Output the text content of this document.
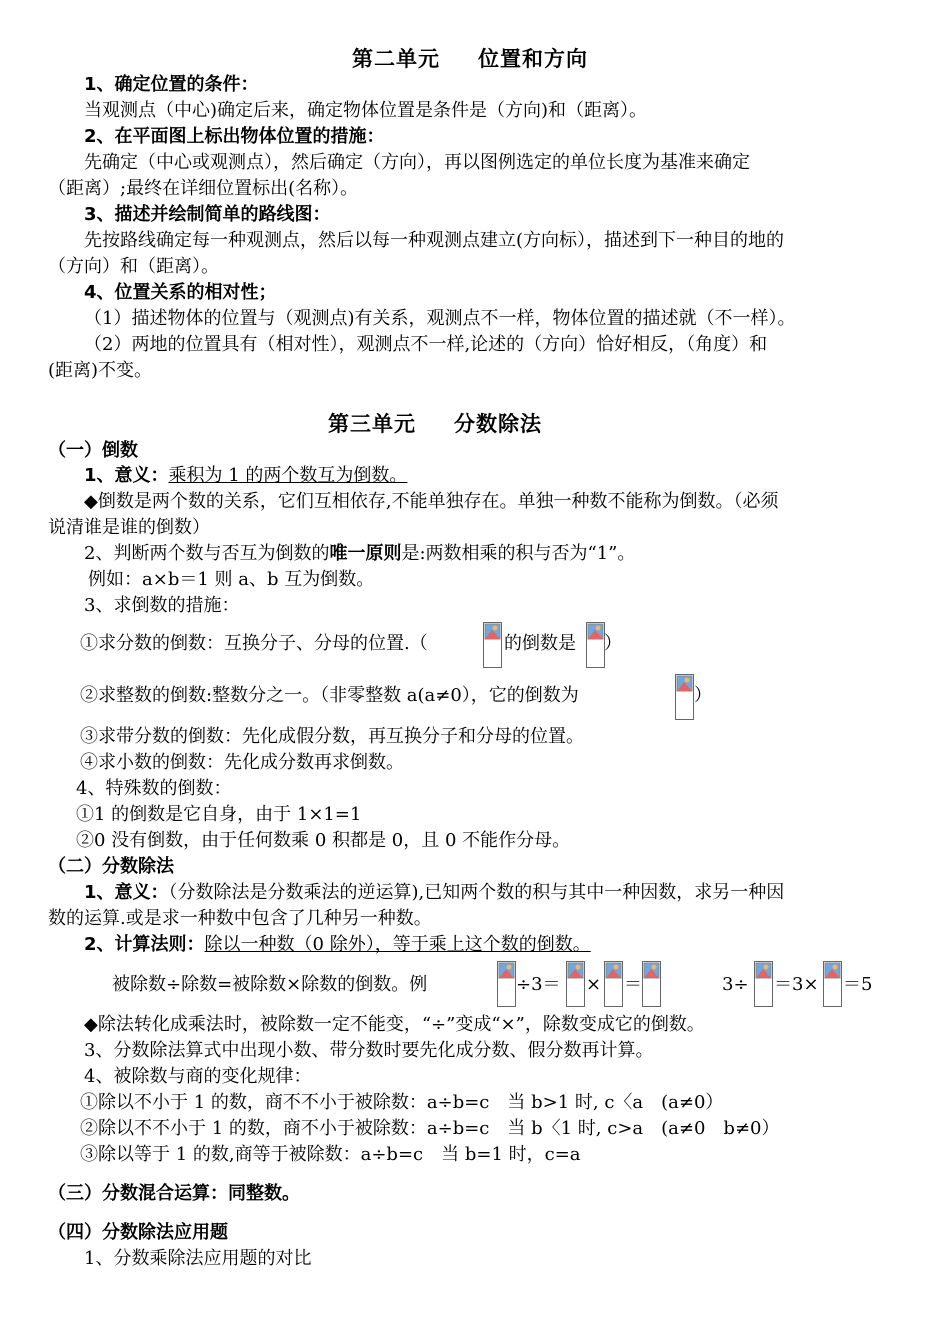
第二单元 位置和方向
1、确定位置的条件：
当观测点（中心)确定后来，确定物体位置是条件是（方向)和（距离）。
2、在平面图上标出物体位置的措施：
先确定（中心或观测点），然后确定（方向），再以图例选定的单位长度为基准来确定
（距离）;最终在详细位置标出(名称）。
3、描述并绘制简单的路线图：
先按路线确定每一种观测点，然后以每一种观测点建立(方向标），描述到下一种目的地的
（方向）和（距离）。
4、位置关系的相对性；
（1）描述物体的位置与（观测点)有关系，观测点不一样，物体位置的描述就（不一样）。
（2）两地的位置具有（相对性），观测点不一样,论述的（方向）恰好相反，（角度）和
(距离)不变。
第三单元 分数除法
（一）倒数
1、意义：乘积为 1 的两个数互为倒数。
◆倒数是两个数的关系，它们互相依存,不能单独存在。单独一种数不能称为倒数。（必须
说清谁是谁的倒数）
2、判断两个数与否互为倒数的唯一原则是:两数相乘的积与否为“1”。
例如：a×b＝1 则 a、b 互为倒数。
3、求倒数的措施：
①求分数的倒数：互换分子、分母的位置.（	的倒数是 ）
②求整数的倒数:整数分之一。（非零整数 a(a≠0），它的倒数为	）
③求带分数的倒数：先化成假分数，再互换分子和分母的位置。
④求小数的倒数：先化成分数再求倒数。
4、特殊数的倒数：
①1 的倒数是它自身，由于 1×1=1
②0 没有倒数，由于任何数乘 0 积都是 0，且 0 不能作分母。
（二）分数除法
1、意义：（分数除法是分数乘法的逆运算),已知两个数的积与其中一种因数，求另一种因
数的运算.或是求一种数中包含了几种另一种数。
2、计算法则：除以一种数（0 除外），等于乘上这个数的倒数。
被除数÷除数=被除数×除数的倒数。例	÷3＝ × ＝	3÷ ＝3× ＝5
◆除法转化成乘法时，被除数一定不能变，“÷”变成“×”，除数变成它的倒数。
3、分数除法算式中出现小数、带分数时要先化成分数、假分数再计算。
4、被除数与商的变化规律：
①除以不小于 1 的数，商不不小于被除数：a÷b=c　当 b>1 时, c〈a　(a≠0）
②除以不不小于 1 的数，商不小于被除数：a÷b=c　当 b〈1 时, c>a　(a≠0　b≠0）
③除以等于 1 的数,商等于被除数：a÷b=c　当 b=1 时，c=a
（三）分数混合运算：同整数。
（四）分数除法应用题
1、分数乘除法应用题的对比
